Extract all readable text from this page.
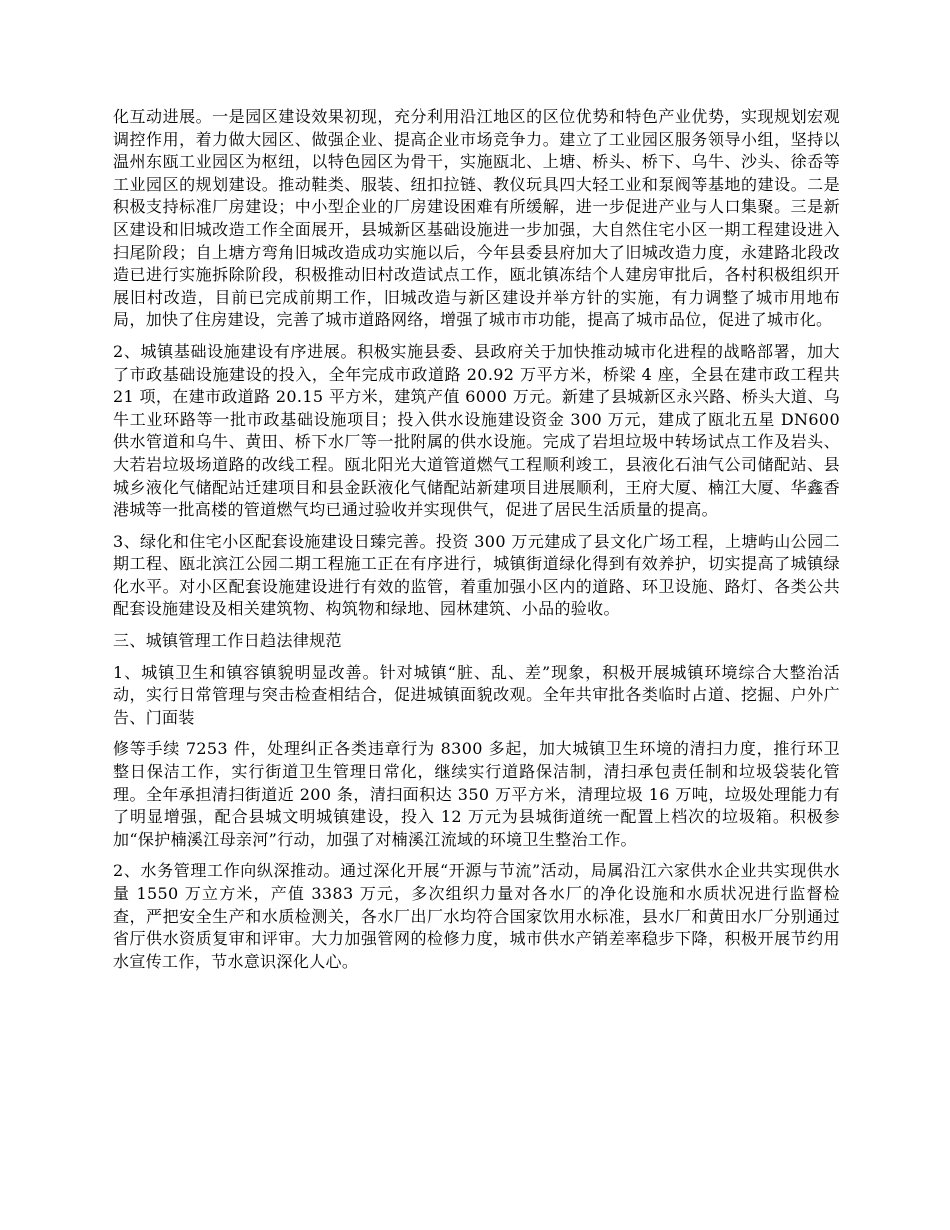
化互动进展。一是园区建设效果初现，充分利用沿江地区的区位优势和特色产业优势，实现规划宏观调控作用，着力做大园区、做强企业、提高企业市场竞争力。建立了工业园区服务领导小组，坚持以温州东瓯工业园区为枢纽，以特色园区为骨干，实施瓯北、上塘、桥头、桥下、乌牛、沙头、徐岙等工业园区的规划建设。推动鞋类、服装、纽扣拉链、教仪玩具四大轻工业和泵阀等基地的建设。二是积极支持标准厂房建设；中小型企业的厂房建设困难有所缓解，进一步促进产业与人口集聚。三是新区建设和旧城改造工作全面展开，县城新区基础设施进一步加强，大自然住宅小区一期工程建设进入扫尾阶段；自上塘方弯角旧城改造成功实施以后，今年县委县府加大了旧城改造力度，永建路北段改造已进行实施拆除阶段，积极推动旧村改造试点工作，瓯北镇冻结个人建房审批后，各村积极组织开展旧村改造，目前已完成前期工作，旧城改造与新区建设并举方针的实施，有力调整了城市用地布局，加快了住房建设，完善了城市道路网络，增强了城市市功能，提高了城市品位，促进了城市化。

2、城镇基础设施建设有序进展。积极实施县委、县政府关于加快推动城市化进程的战略部署，加大了市政基础设施建设的投入，全年完成市政道路 20.92 万平方米，桥梁 4 座，全县在建市政工程共 21 项，在建市政道路 20.15 平方米，建筑产值 6000 万元。新建了县城新区永兴路、桥头大道、乌牛工业环路等一批市政基础设施项目；投入供水设施建设资金 300 万元，建成了瓯北五星 DN600 供水管道和乌牛、黄田、桥下水厂等一批附属的供水设施。完成了岩坦垃圾中转场试点工作及岩头、大若岩垃圾场道路的改线工程。瓯北阳光大道管道燃气工程顺利竣工，县液化石油气公司储配站、县城乡液化气储配站迁建项目和县金跃液化气储配站新建项目进展顺利，王府大厦、楠江大厦、华鑫香港城等一批高楼的管道燃气均已通过验收并实现供气，促进了居民生活质量的提高。

3、绿化和住宅小区配套设施建设日臻完善。投资 300 万元建成了县文化广场工程，上塘屿山公园二期工程、瓯北滨江公园二期工程施工正在有序进行，城镇街道绿化得到有效养护，切实提高了城镇绿化水平。对小区配套设施建设进行有效的监管，着重加强小区内的道路、环卫设施、路灯、各类公共配套设施建设及相关建筑物、构筑物和绿地、园林建筑、小品的验收。

三、城镇管理工作日趋法律规范

1、城镇卫生和镇容镇貌明显改善。针对城镇“脏、乱、差”现象，积极开展城镇环境综合大整治活动，实行日常管理与突击检查相结合，促进城镇面貌改观。全年共审批各类临时占道、挖掘、户外广告、门面装

修等手续 7253 件，处理纠正各类违章行为 8300 多起，加大城镇卫生环境的清扫力度，推行环卫整日保洁工作，实行街道卫生管理日常化，继续实行道路保洁制，清扫承包责任制和垃圾袋装化管理。全年承担清扫街道近 200 条，清扫面积达 350 万平方米，清理垃圾 16 万吨，垃圾处理能力有了明显增强，配合县城文明城镇建设，投入 12 万元为县城街道统一配置上档次的垃圾箱。积极参加“保护楠溪江母亲河”行动，加强了对楠溪江流域的环境卫生整治工作。

2、水务管理工作向纵深推动。通过深化开展“开源与节流”活动，局属沿江六家供水企业共实现供水量 1550 万立方米，产值 3383 万元，多次组织力量对各水厂的净化设施和水质状况进行监督检查，严把安全生产和水质检测关，各水厂出厂水均符合国家饮用水标准，县水厂和黄田水厂分别通过省厅供水资质复审和评审。大力加强管网的检修力度，城市供水产销差率稳步下降，积极开展节约用水宣传工作，节水意识深化人心。
